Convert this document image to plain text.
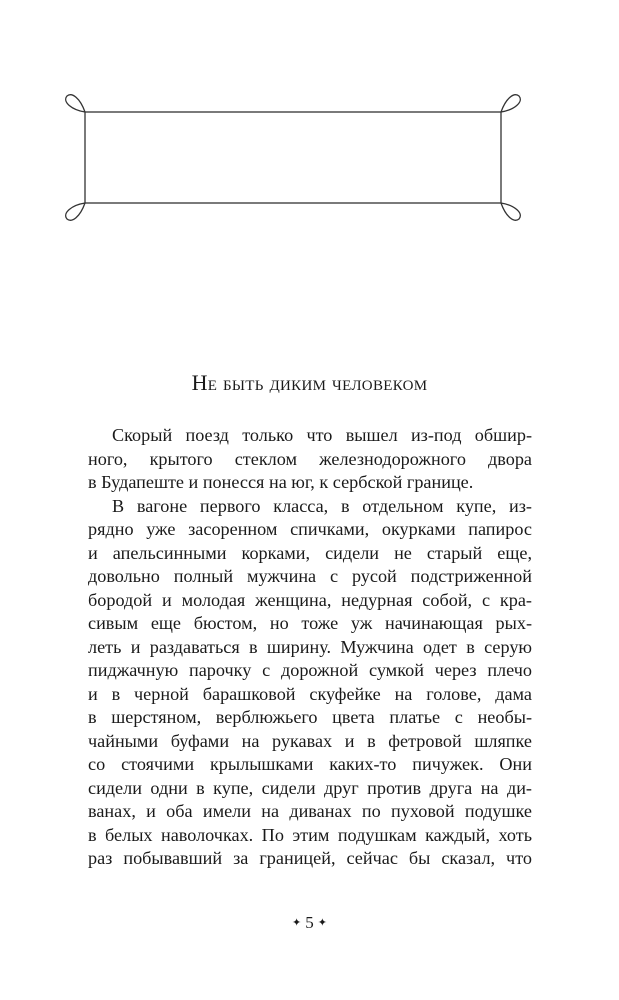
Не быть диким человеком
Скорый поезд только что вышел из-под обшир-
ного, крытого стеклом железнодорожного двора
в Будапеште и понесся на юг, к сербской границе.
В вагоне первого класса, в отдельном купе, из-
рядно уже засоренном спичками, окурками папирос
и апельсинными корками, сидели не старый еще,
довольно полный мужчина с русой подстриженной
бородой и молодая женщина, недурная собой, с кра-
сивым еще бюстом, но тоже уж начинающая рых-
леть и раздаваться в ширину. Мужчина одет в серую
пиджачную парочку с дорожной сумкой через плечо
и в черной барашковой скуфейке на голове, дама
в шерстяном, верблюжьего цвета платье с необы-
чайными буфами на рукавах и в фетровой шляпке
со стоячими крылышками каких-то пичужек. Они
сидели одни в купе, сидели друг против друга на ди-
ванах, и оба имели на диванах по пуховой подушке
в белых наволочках. По этим подушкам каждый, хоть
раз побывавший за границей, сейчас бы сказал, что
✦ 5 ✦
